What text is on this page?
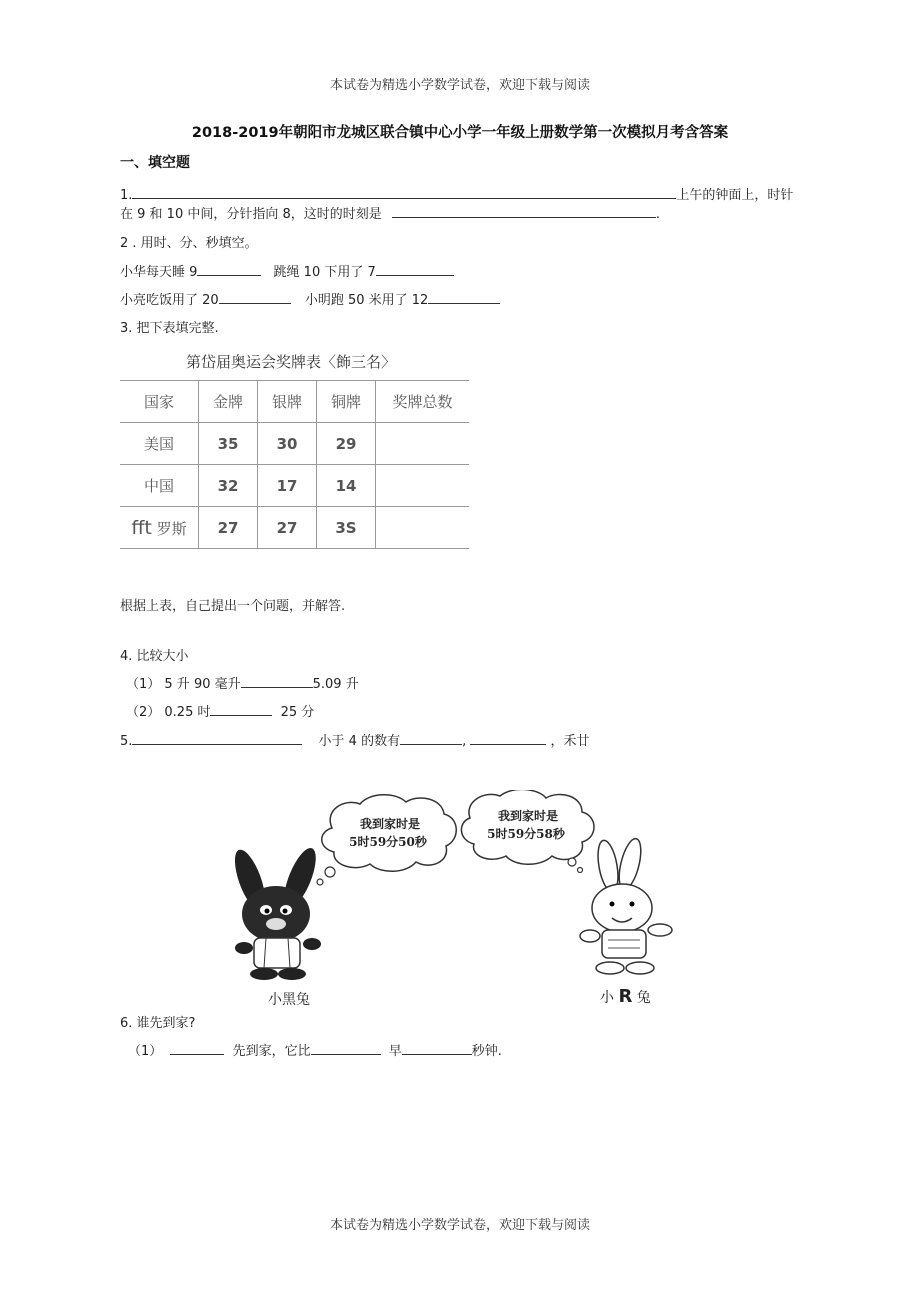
本试卷为精选小学数学试卷，欢迎下载与阅读
2018-2019年朝阳市龙城区联合镇中心小学一年级上册数学第一次模拟月考含答案
一、填空题
1.	上午的钟面上，时针
在 9 和 10 中间，分针指向 8，这时的时刻是	.
2 . 用时、分、秒填空。
小华每天睡 9	跳绳 10 下用了 7
小亮吃饭用了 20	小明跑 50 米用了 12
3. 把下表填完整.
第岱届奥运会奖牌表〈飾三名〉
国家	金牌	银牌	铜牌	奖牌总数
美国	35	30	29	
中国	32	17	14	
fft 罗斯	27	27	3S	
根据上表，自己提出一个问题，并解答.
4. 比较大小
（1） 5 升 90 毫升	5.09 升
（2） 0.25 吋	25 分
5.	小于 4 的数有	,	，禾廿
我到家时是
5时59分50秒
我到家时是
5时59分58秒
小黑兔	小 R 兔
6. 谁先到家?
（1）	先到家，它比	早	秒钟.
本试卷为精选小学数学试卷，欢迎下载与阅读
